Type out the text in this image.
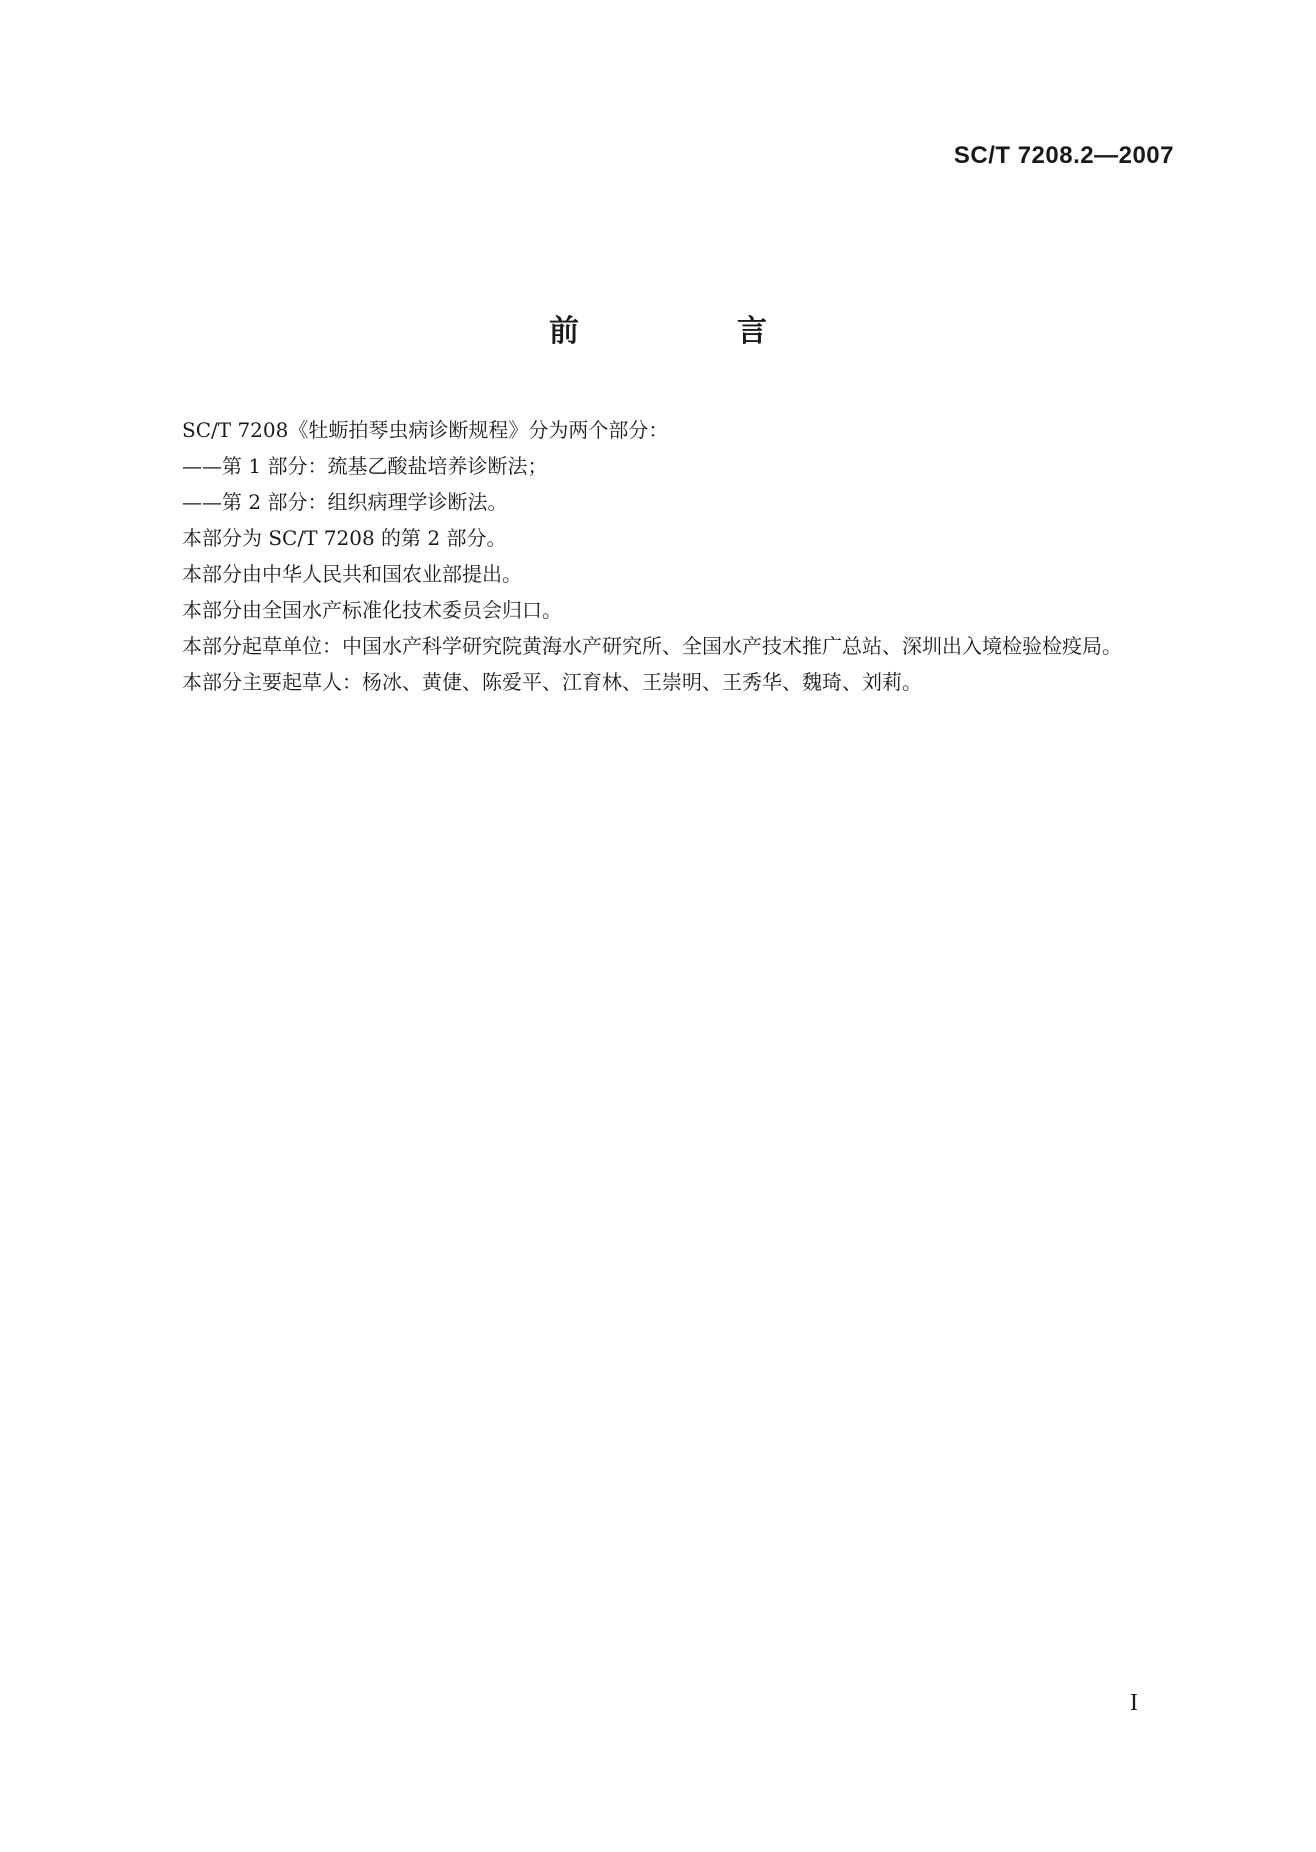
SC/T 7208.2—2007
前　言

SC/T 7208《牡蛎拍琴虫病诊断规程》分为两个部分：

——第 1 部分：巯基乙酸盐培养诊断法；

——第 2 部分：组织病理学诊断法。

本部分为 SC/T 7208 的第 2 部分。

本部分由中华人民共和国农业部提出。

本部分由全国水产标准化技术委员会归口。

本部分起草单位：中国水产科学研究院黄海水产研究所、全国水产技术推广总站、深圳出入境检验检疫局。

本部分主要起草人：杨冰、黄倢、陈爱平、江育林、王崇明、王秀华、魏琦、刘莉。

I
